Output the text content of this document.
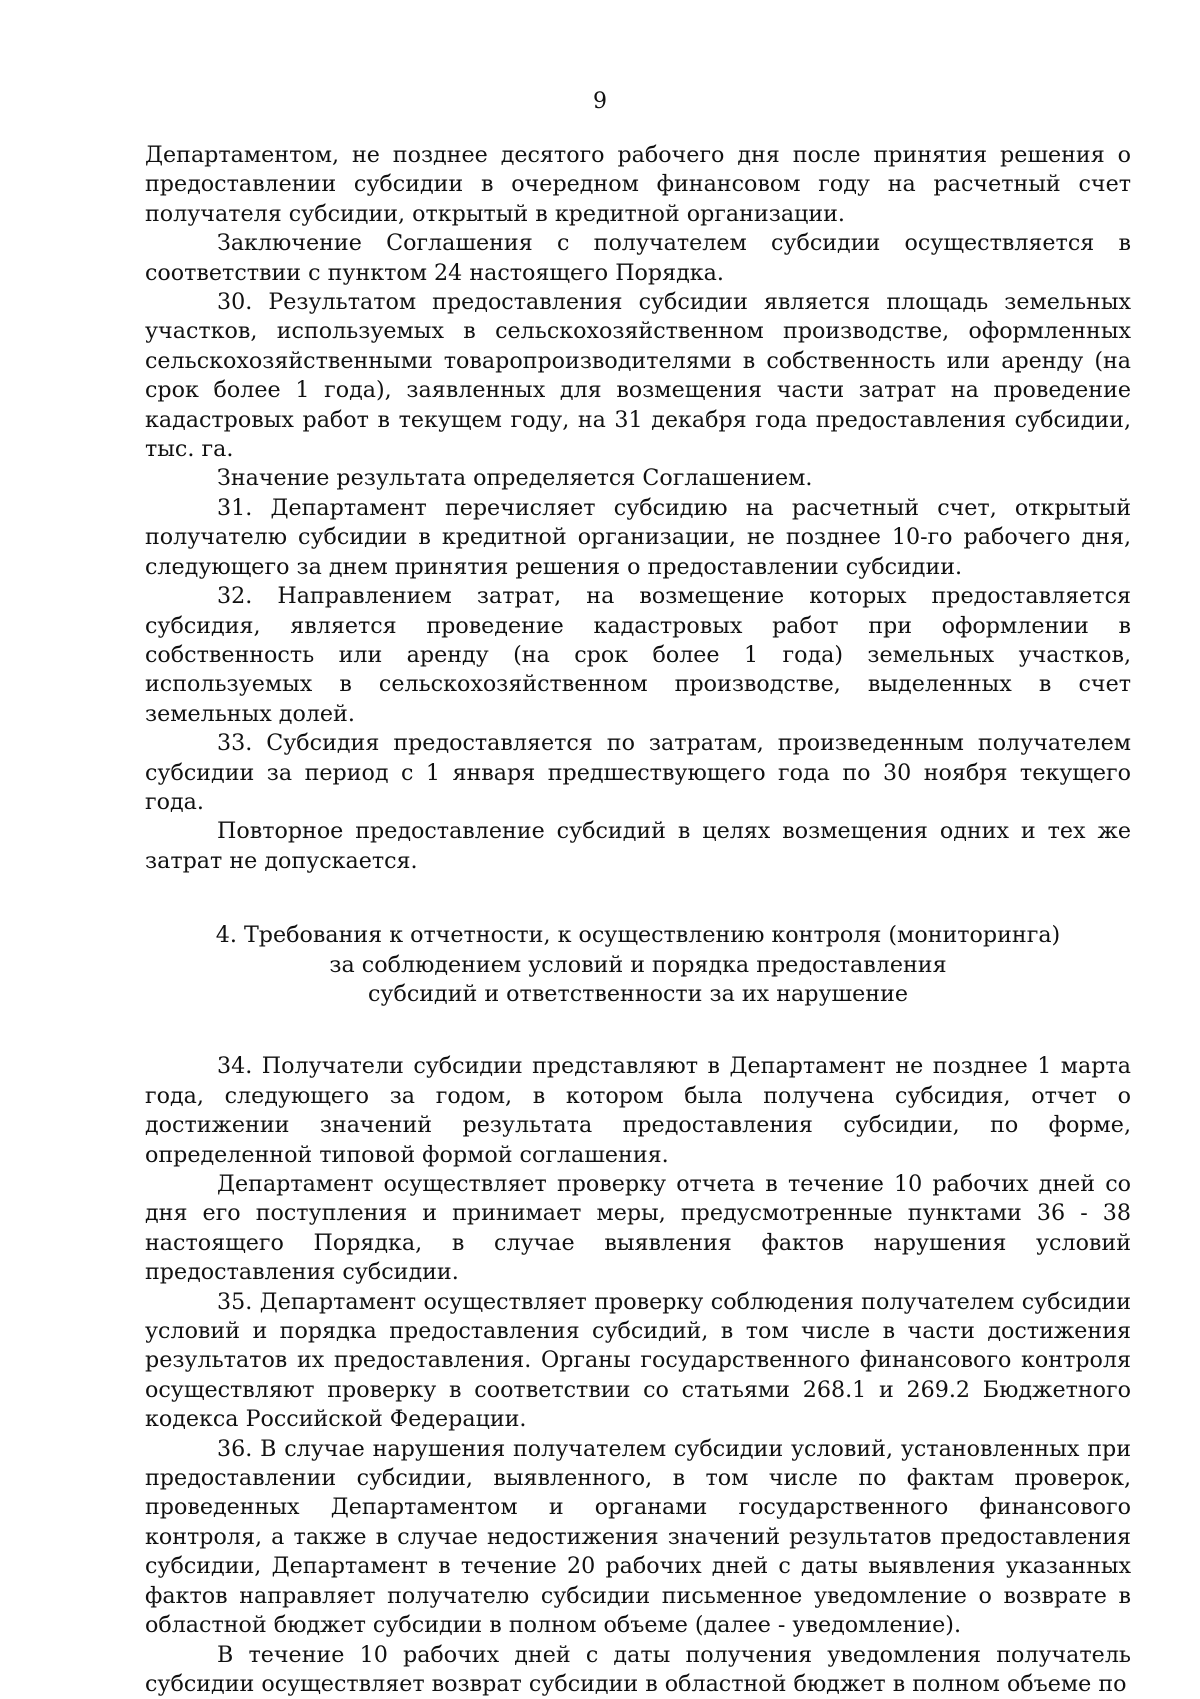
9

Департаментом, не позднее десятого рабочего дня после принятия решения о предоставлении субсидии в очередном финансовом году на расчетный счет получателя субсидии, открытый в кредитной организации.

Заключение Соглашения с получателем субсидии осуществляется в соответствии с пунктом 24 настоящего Порядка.

30. Результатом предоставления субсидии является площадь земельных участков, используемых в сельскохозяйственном производстве, оформленных сельскохозяйственными товаропроизводителями в собственность или аренду (на срок более 1 года), заявленных для возмещения части затрат на проведение кадастровых работ в текущем году, на 31 декабря года предоставления субсидии, тыс. га.

Значение результата определяется Соглашением.

31. Департамент перечисляет субсидию на расчетный счет, открытый получателю субсидии в кредитной организации, не позднее 10-го рабочего дня, следующего за днем принятия решения о предоставлении субсидии.

32. Направлением затрат, на возмещение которых предоставляется субсидия, является проведение кадастровых работ при оформлении в собственность или аренду (на срок более 1 года) земельных участков, используемых в сельскохозяйственном производстве, выделенных в счет земельных долей.

33. Субсидия предоставляется по затратам, произведенным получателем субсидии за период с 1 января предшествующего года по 30 ноября текущего года.

Повторное предоставление субсидий в целях возмещения одних и тех же затрат не допускается.

4. Требования к отчетности, к осуществлению контроля (мониторинга)
за соблюдением условий и порядка предоставления
субсидий и ответственности за их нарушение

34. Получатели субсидии представляют в Департамент не позднее 1 марта года, следующего за годом, в котором была получена субсидия, отчет о достижении значений результата предоставления субсидии, по форме, определенной типовой формой соглашения.

Департамент осуществляет проверку отчета в течение 10 рабочих дней со дня его поступления и принимает меры, предусмотренные пунктами 36 - 38 настоящего Порядка, в случае выявления фактов нарушения условий предоставления субсидии.

35. Департамент осуществляет проверку соблюдения получателем субсидии условий и порядка предоставления субсидий, в том числе в части достижения результатов их предоставления. Органы государственного финансового контроля осуществляют проверку в соответствии со статьями 268.1 и 269.2 Бюджетного кодекса Российской Федерации.

36. В случае нарушения получателем субсидии условий, установленных при предоставлении субсидии, выявленного, в том числе по фактам проверок, проведенных Департаментом и органами государственного финансового контроля, а также в случае недостижения значений результатов предоставления субсидии, Департамент в течение 20 рабочих дней с даты выявления указанных фактов направляет получателю субсидии письменное уведомление о возврате в областной бюджет субсидии в полном объеме (далее - уведомление).

В течение 10 рабочих дней с даты получения уведомления получатель субсидии осуществляет возврат субсидии в областной бюджет в полном объеме по
